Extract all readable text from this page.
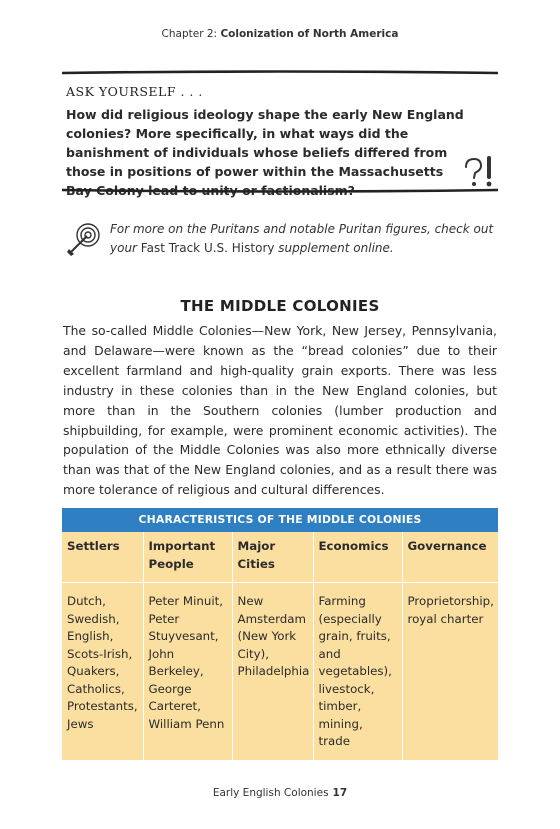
Chapter 2: Colonization of North America
ASK YOURSELF . . .
How did religious ideology shape the early New England colonies? More specifically, in what ways did the banishment of individuals whose beliefs differed from those in positions of power within the Massachusetts Bay Colony lead to unity or factionalism?
For more on the Puritans and notable Puritan figures, check out your Fast Track U.S. History supplement online.
THE MIDDLE COLONIES
The so-called Middle Colonies—New York, New Jersey, Pennsylvania, and Delaware—were known as the “bread colonies” due to their excellent farmland and high-quality grain exports. There was less industry in these colonies than in the New England colonies, but more than in the Southern colonies (lumber production and shipbuilding, for example, were prominent economic activities). The population of the Middle Colonies was also more ethnically diverse than was that of the New England colonies, and as a result there was more tolerance of religious and cultural differences.
CHARACTERISTICS OF THE MIDDLE COLONIES
Settlers	Important People	Major Cities	Economics	Governance
Dutch, Swedish, English, Scots-Irish, Quakers, Catholics, Protestants, Jews	Peter Minuit, Peter Stuyvesant, John Berkeley, George Carteret, William Penn	New Amsterdam (New York City), Philadelphia	Farming (especially grain, fruits, and vegetables), livestock, timber, mining, trade	Proprietorship, royal charter
Early English Colonies 17
